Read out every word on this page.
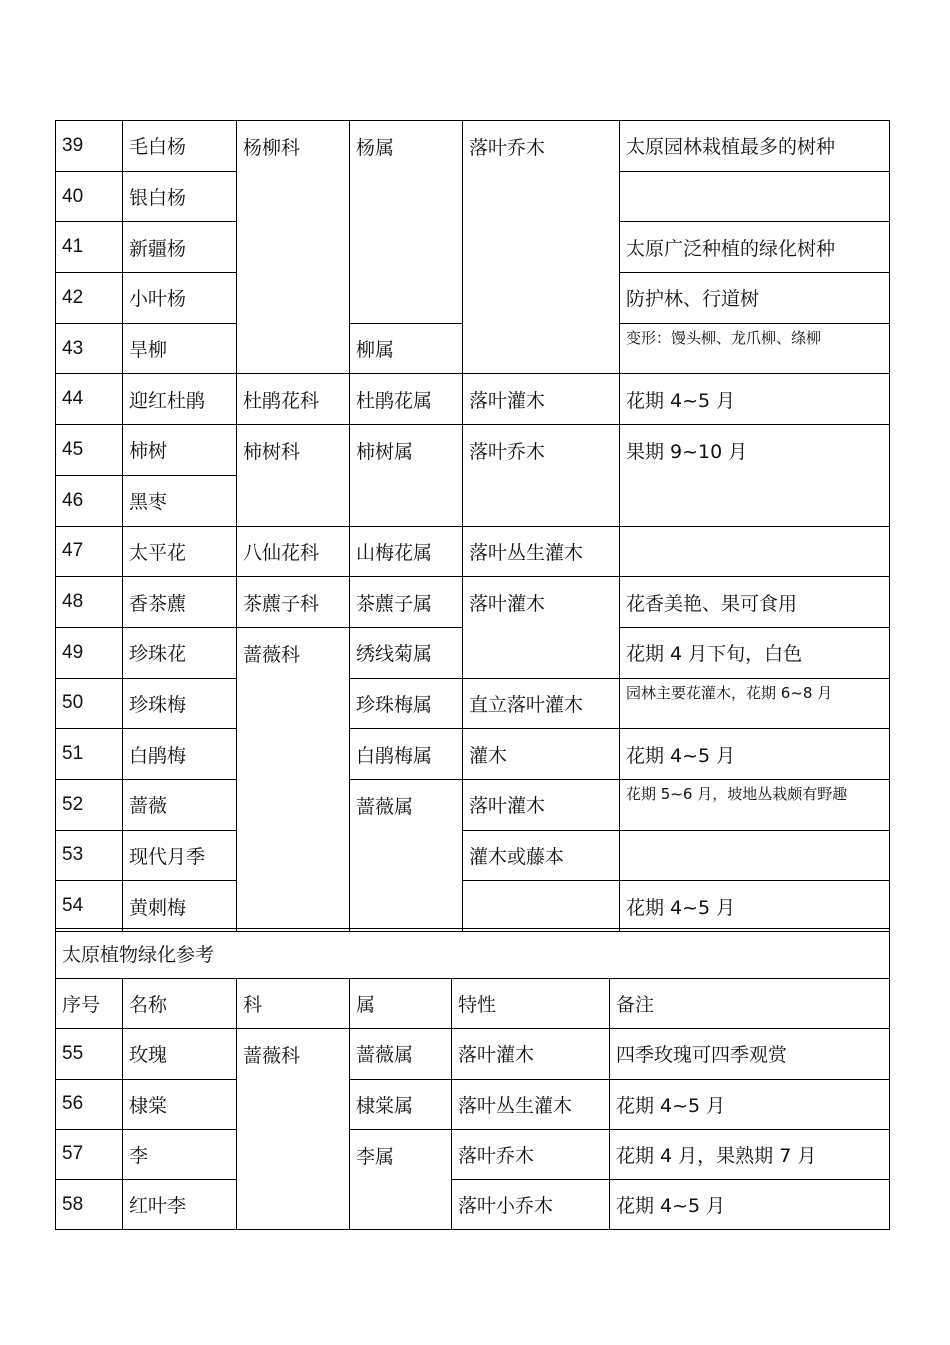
39	毛白杨	杨柳科	杨属	落叶乔木	太原园林栽植最多的树种
40	银白杨				
41	新疆杨				太原广泛种植的绿化树种
42	小叶杨				防护林、行道树
43	旱柳		柳属		变形：馒头柳、龙爪柳、绦柳
44	迎红杜鹃	杜鹃花科	杜鹃花属	落叶灌木	花期 4~5 月
45	柿树	柿树科	柿树属	落叶乔木	果期 9~10 月
46	黑枣				
47	太平花	八仙花科	山梅花属	落叶丛生灌木	
48	香茶藨	茶藨子科	茶藨子属	落叶灌木	花香美艳、果可食用
49	珍珠花	蔷薇科	绣线菊属		花期 4 月下旬，白色
50	珍珠梅		珍珠梅属	直立落叶灌木	园林主要花灌木，花期 6~8 月
51	白鹃梅		白鹃梅属	灌木	花期 4~5 月
52	蔷薇		蔷薇属	落叶灌木	花期 5~6 月，坡地丛栽颇有野趣
53	现代月季			灌木或藤本	
54	黄刺梅				花期 4~5 月
太原植物绿化参考					
序号	名称	科	属	特性	备注
55	玫瑰	蔷薇科	蔷薇属	落叶灌木	四季玫瑰可四季观赏
56	棣棠		棣棠属	落叶丛生灌木	花期 4~5 月
57	李		李属	落叶乔木	花期 4 月，果熟期 7 月
58	红叶李			落叶小乔木	花期 4~5 月
